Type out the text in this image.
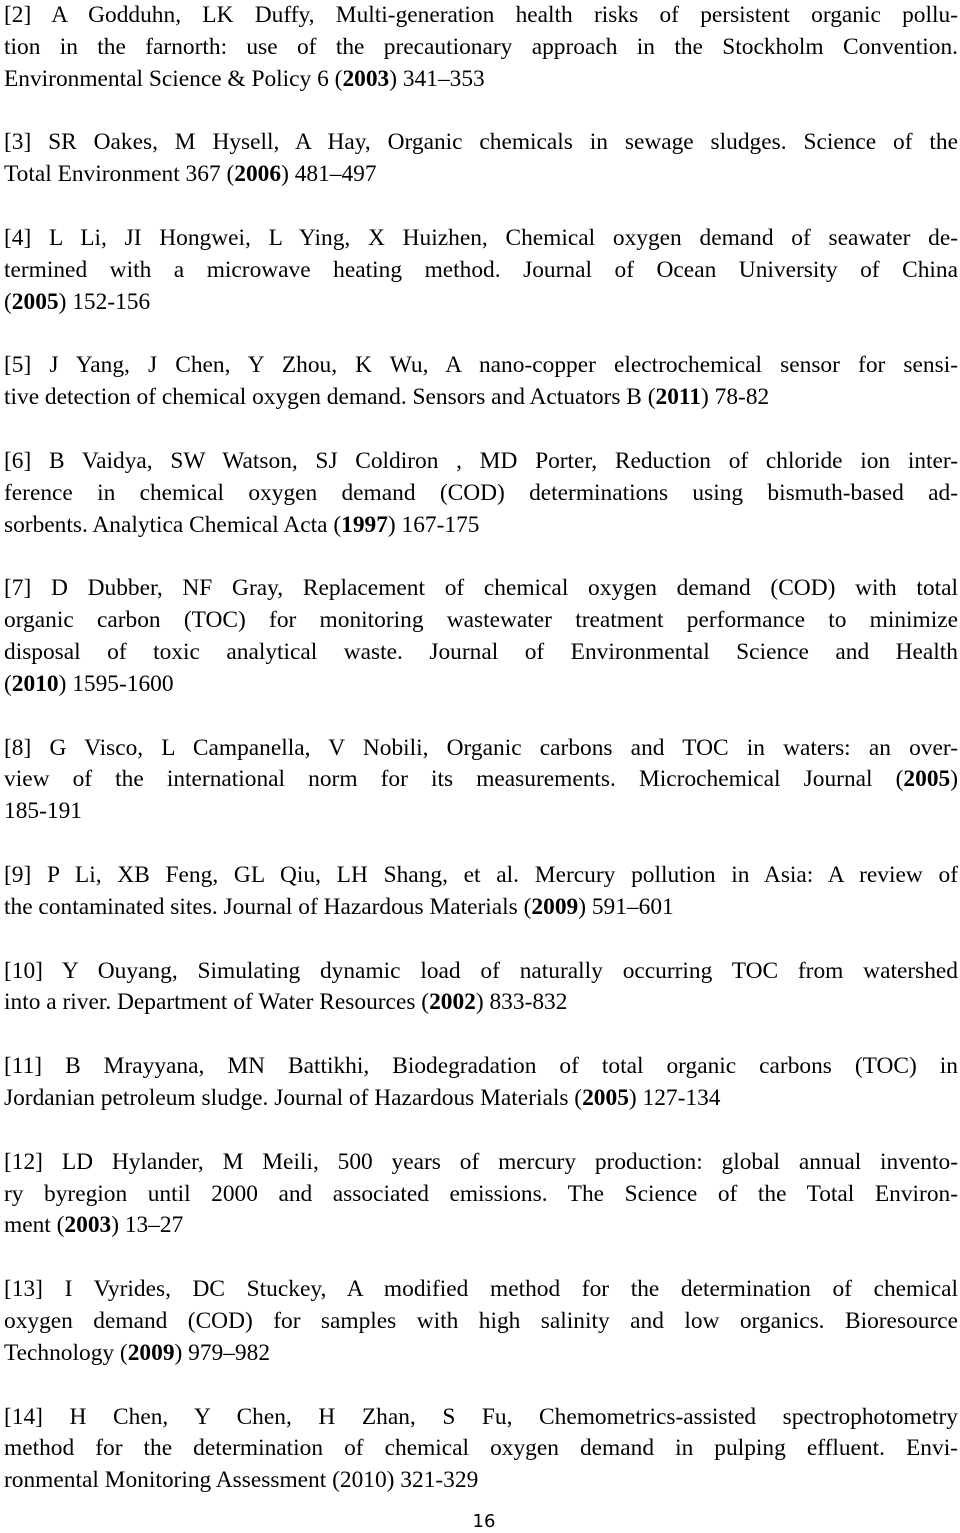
[2] A Godduhn, LK Duffy, Multi-generation health risks of persistent organic pollu-
tion in the farnorth: use of the precautionary approach in the Stockholm Convention.
Environmental Science & Policy 6 (2003) 341–353
[3] SR Oakes, M Hysell, A Hay, Organic chemicals in sewage sludges. Science of the
Total Environment 367 (2006) 481–497
[4] L Li, JI Hongwei, L Ying, X Huizhen, Chemical oxygen demand of seawater de-
termined with a microwave heating method. Journal of Ocean University of China
(2005) 152-156
[5] J Yang, J Chen, Y Zhou, K Wu, A nano-copper electrochemical sensor for sensi-
tive detection of chemical oxygen demand. Sensors and Actuators B (2011) 78-82
[6] B Vaidya, SW Watson, SJ Coldiron , MD Porter, Reduction of chloride ion inter-
ference in chemical oxygen demand (COD) determinations using bismuth-based ad-
sorbents. Analytica Chemical Acta (1997) 167-175
[7] D Dubber, NF Gray, Replacement of chemical oxygen demand (COD) with total
organic carbon (TOC) for monitoring wastewater treatment performance to minimize
disposal of toxic analytical waste. Journal of Environmental Science and Health
(2010) 1595-1600
[8] G Visco, L Campanella, V Nobili, Organic carbons and TOC in waters: an over-
view of the international norm for its measurements. Microchemical Journal (2005)
185-191
[9] P Li, XB Feng, GL Qiu, LH Shang, et al. Mercury pollution in Asia: A review of
the contaminated sites. Journal of Hazardous Materials (2009) 591–601
[10] Y Ouyang, Simulating dynamic load of naturally occurring TOC from watershed
into a river. Department of Water Resources (2002) 833-832
[11] B Mrayyana, MN Battikhi, Biodegradation of total organic carbons (TOC) in
Jordanian petroleum sludge. Journal of Hazardous Materials (2005) 127-134
[12] LD Hylander, M Meili, 500 years of mercury production: global annual invento-
ry byregion until 2000 and associated emissions. The Science of the Total Environ-
ment (2003) 13–27
[13] I Vyrides, DC Stuckey, A modified method for the determination of chemical
oxygen demand (COD) for samples with high salinity and low organics. Bioresource
Technology (2009) 979–982
[14] H Chen, Y Chen, H Zhan, S Fu, Chemometrics-assisted spectrophotometry
method for the determination of chemical oxygen demand in pulping effluent. Envi-
ronmental Monitoring Assessment (2010) 321-329
16
